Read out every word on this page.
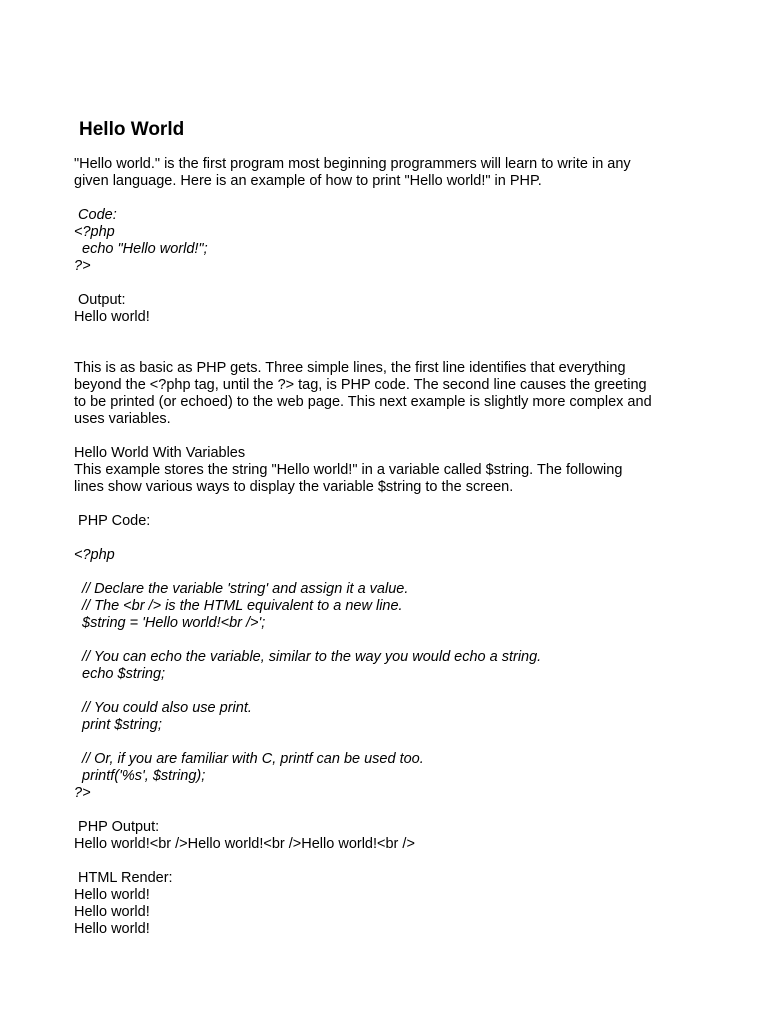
Hello World
"Hello world." is the first program most beginning programmers will learn to write in any
given language. Here is an example of how to print "Hello world!" in PHP.
Code:
<?php
echo "Hello world!";
?>
Output:
Hello world!
This is as basic as PHP gets. Three simple lines, the first line identifies that everything
beyond the <?php tag, until the ?> tag, is PHP code. The second line causes the greeting
to be printed (or echoed) to the web page. This next example is slightly more complex and
uses variables.
Hello World With Variables
This example stores the string "Hello world!" in a variable called $string. The following
lines show various ways to display the variable $string to the screen.
PHP Code:
<?php
// Declare the variable 'string' and assign it a value.
// The <br /> is the HTML equivalent to a new line.
$string = 'Hello world!<br />';
// You can echo the variable, similar to the way you would echo a string.
echo $string;
// You could also use print.
print $string;
// Or, if you are familiar with C, printf can be used too.
printf('%s', $string);
?>
PHP Output:
Hello world!<br />Hello world!<br />Hello world!<br />
HTML Render:
Hello world!
Hello world!
Hello world!
